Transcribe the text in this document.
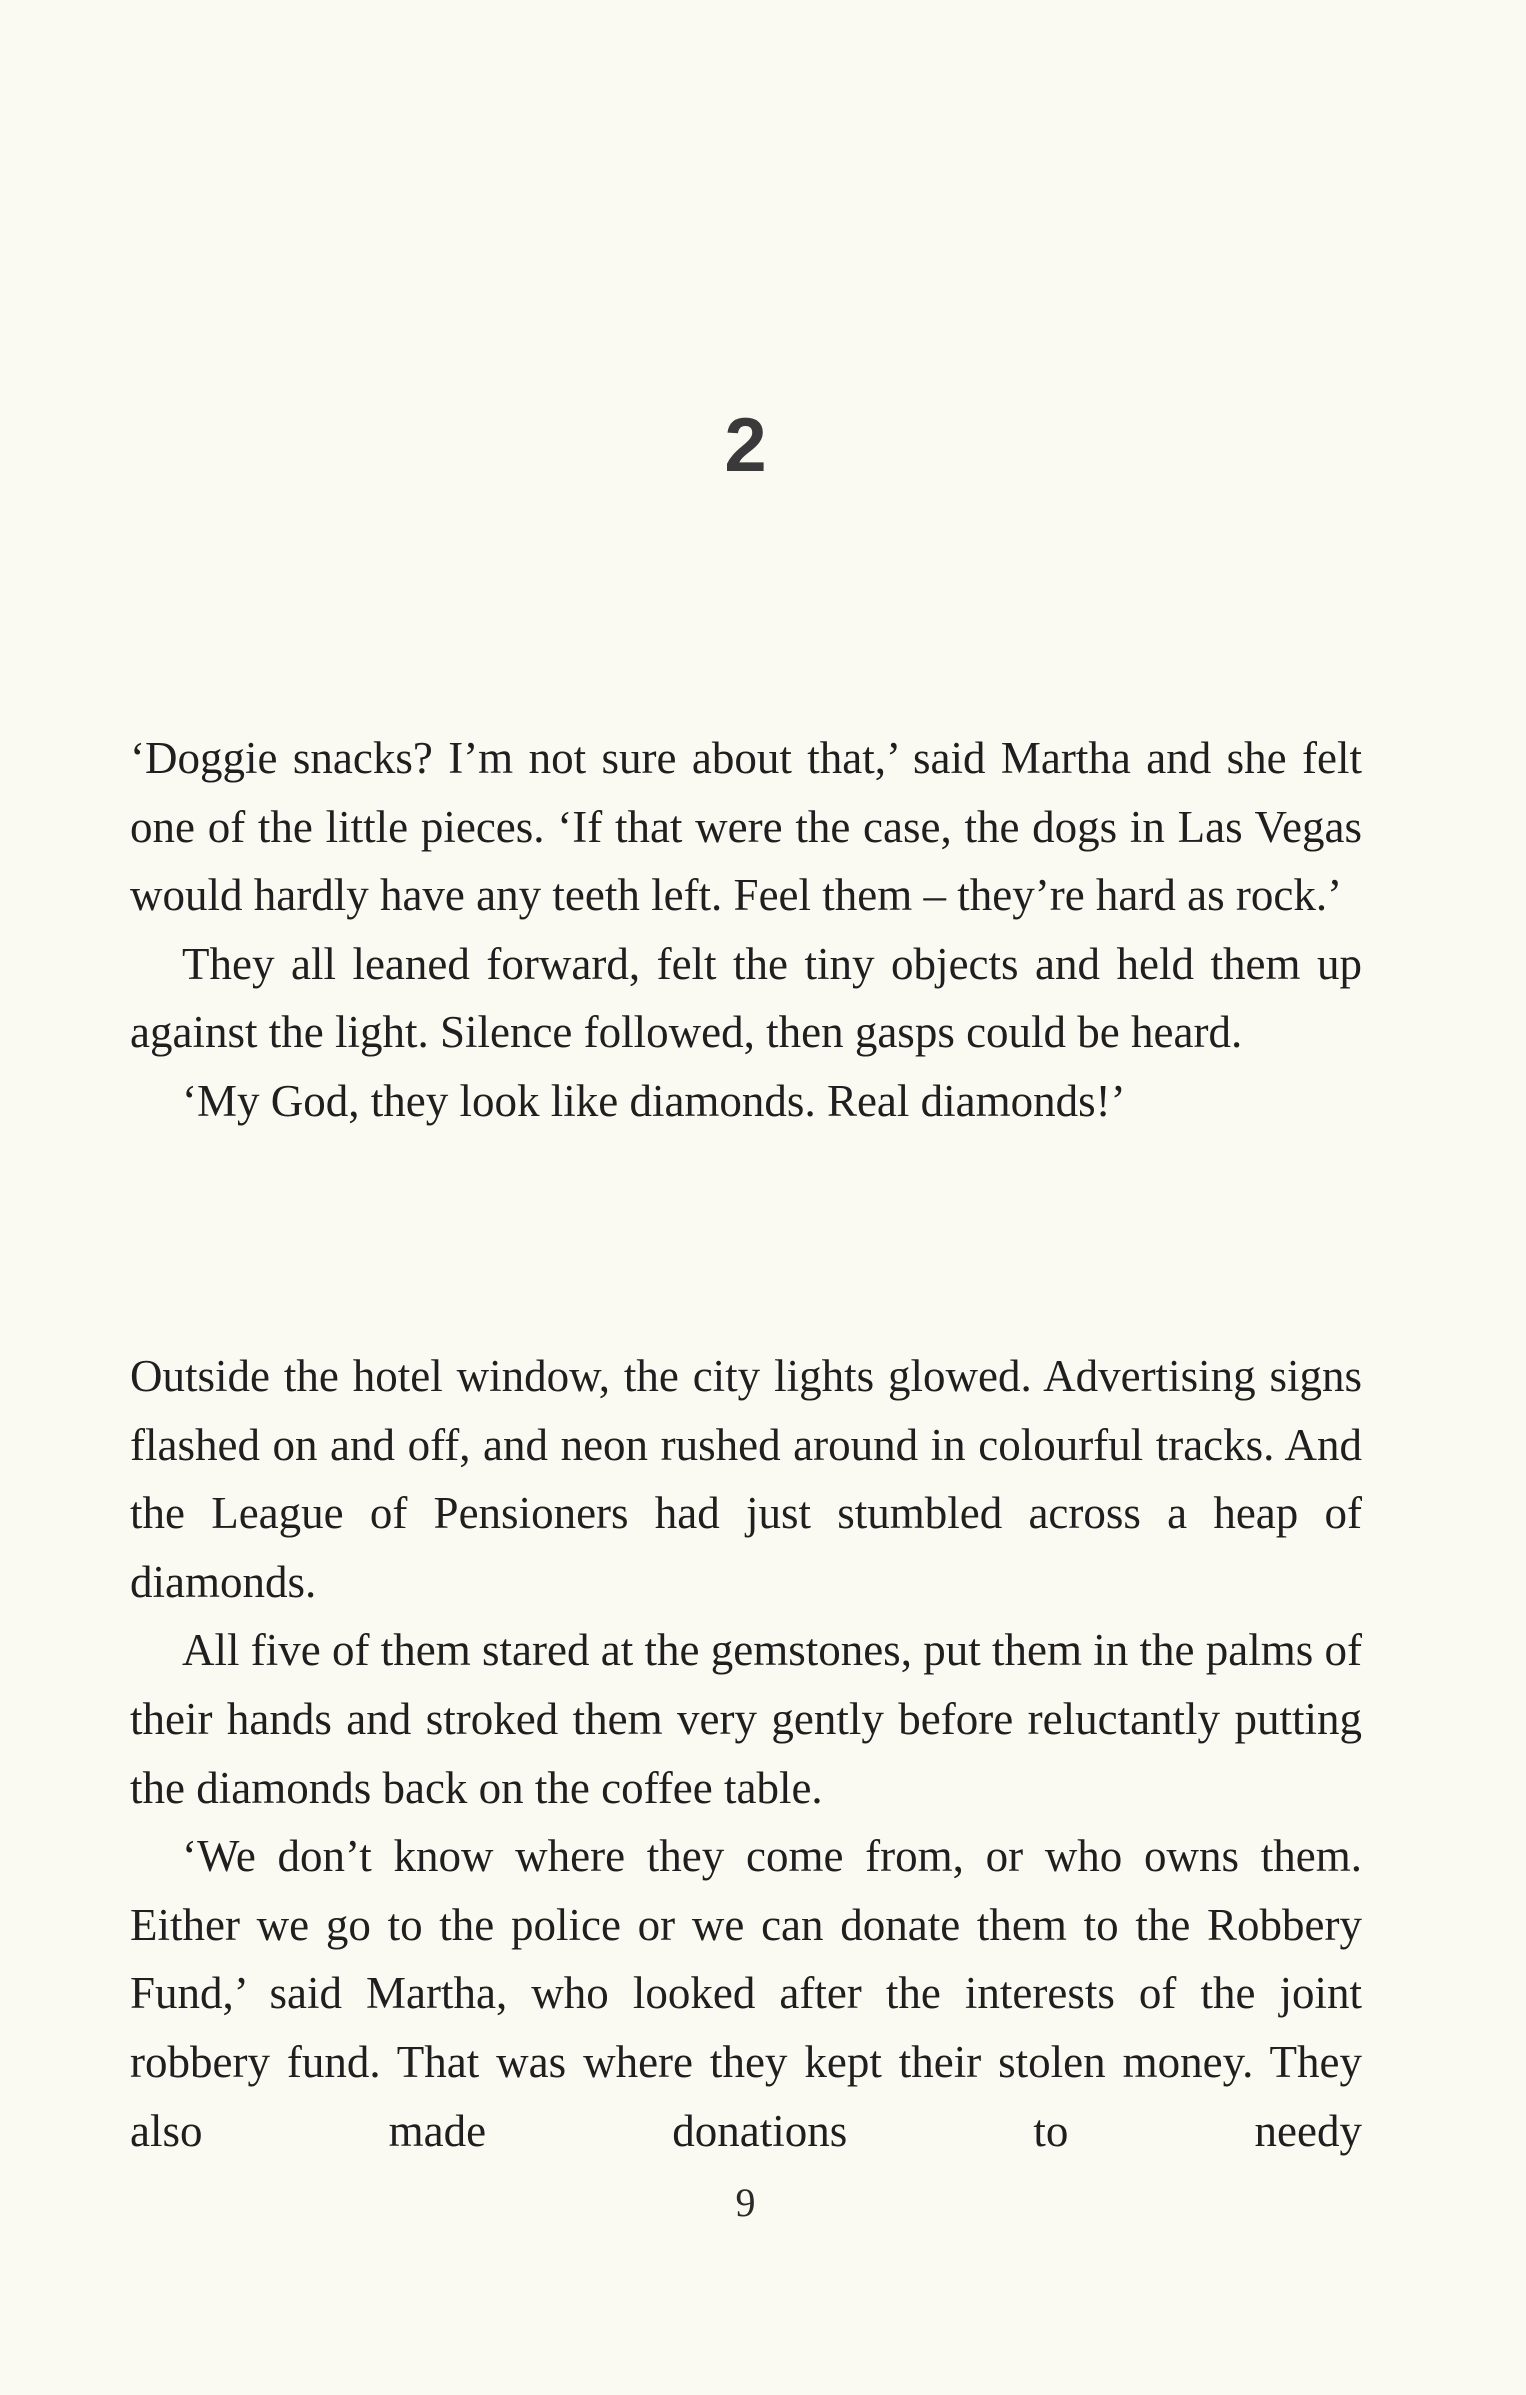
2

‘Doggie snacks? I’m not sure about that,’ said Martha and she felt one of the little pieces. ‘If that were the case, the dogs in Las Vegas would hardly have any teeth left. Feel them – they’re hard as rock.’

They all leaned forward, felt the tiny objects and held them up against the light. Silence followed, then gasps could be heard.

‘My God, they look like diamonds. Real diamonds!’

Outside the hotel window, the city lights glowed. Advertising signs flashed on and off, and neon rushed around in colourful tracks. And the League of Pensioners had just stumbled across a heap of diamonds.

All five of them stared at the gemstones, put them in the palms of their hands and stroked them very gently before reluctantly putting the diamonds back on the coffee table.

‘We don’t know where they come from, or who owns them. Either we go to the police or we can donate them to the Robbery Fund,’ said Martha, who looked after the interests of the joint robbery fund. That was where they kept their stolen money. They also made donations to needy

9
